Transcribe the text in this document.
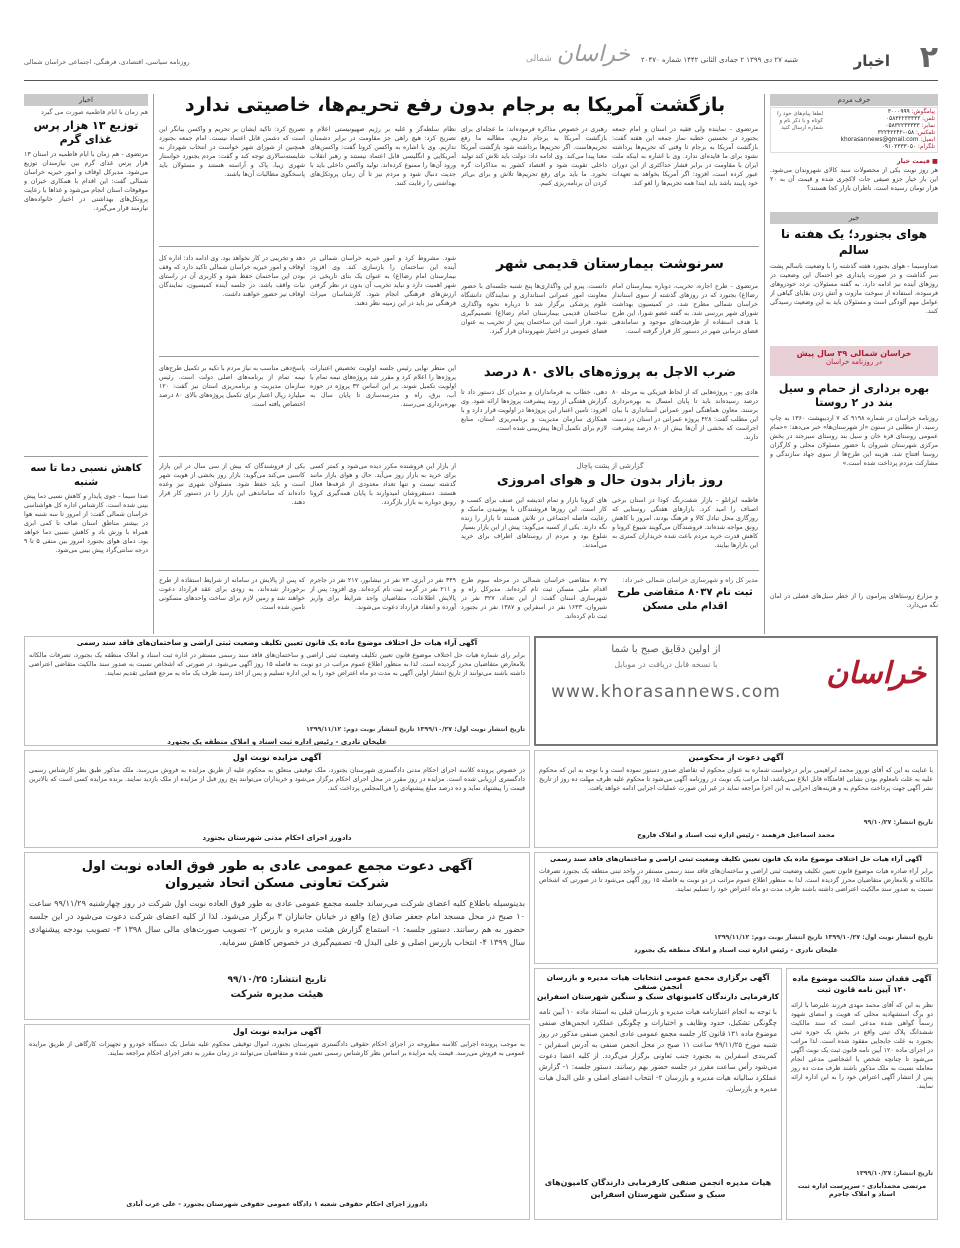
۲
اخبار
شنبه ۲۷ دی ۱۳۹۹ ۲ جمادی الثانی ۱۴۴۲ شماره ۲۰۴۷۰
خراسان شمالی
روزنامه سیاسی، اقتصادی، فرهنگی، اجتماعی خراسان شمالی
حرف مردم
پیامگوش: ۳۰۰۰۹۹۹
تلفن: ۰۵۸۳۲۲۳۳۳۳۳
نمابر: ۰۵۸۳۲۲۳۳۳۳۳
تلفکس: ۰۵۸-۳۲۲۴۲۲۴۲
ایمیل: khorasannews@gmail.com
تلگرام: ۰۹۱۰۲۳۳۳۰۵۰
لطفا پیام‌های خود را کوتاه و با ذکر نام و شماره ارسال کنید
■ قیمت خیار
هر روز نوبت یکی از محصولات سبد کالای شهروندان می‌شود. این بار خیار جزو صیفی جات لاکچری شده و قیمت آن به ۲۰ هزار تومان رسیده است. ناظران بازار کجا هستند؟
خبر
هوای بجنورد؛ یک هفته نا سالم
صداوسیما - هوای بجنورد هفته گذشته را با وضعیت ناسالم پشت سر گذاشت و در صورت پایداری جو احتمال این وضعیت در روزهای آینده نیز ادامه دارد. به گفته مسئولان، تردد خودروهای فرسوده، استفاده از سوخت مازوت و آتش زدن بقایای گیاهی از عوامل مهم آلودگی است و مسئولان باید به این وضعیت رسیدگی کنند.
خراسان شمالی ۳۹ سال پیش
در روزنامه خراسان
بهره برداری از حمام و سیل بند در ۲ روستا
روزنامه خراسان در شماره ۹۱۹۸ که ۷ اردیبهشت ۱۳۶۰ به چاپ رسید، از مطلبی در ستون «از شهرستان‌ها» خبر می‌دهد: «حمام عمومی روستای قره خان و سیل بند روستای سیرجند در بخش مرکزی شهرستان شیروان با حضور مسئولان محلی و کارگران روستا افتتاح شد. هزینه این طرح‌ها از سوی جهاد سازندگی و مشارکت مردم پرداخت شده است.»
و مزارع روستاهای پیرامون را از خطر سیل‌های فصلی در امان نگه می‌دارد.
بازگشت آمریکا به برجام بدون رفع تحریم‌ها، خاصیتی ندارد
مرتضوی - نماینده ولی فقیه در استان و امام جمعه بجنورد در نخستین خطبه نماز جمعه این هفته گفت: بازگشت آمریکا به برجام تا وقتی که تحریم‌ها برداشته نشود برای ما فایده‌ای ندارد. وی با اشاره به اینکه ملت ایران با مقاومت در برابر فشار حداکثری از این دوران عبور کرده است، افزود: اگر آمریکا بخواهد به تعهدات خود پایبند باشد باید ابتدا همه تحریم‌ها را لغو کند.
رهبری در خصوص مذاکره فرموده‌اند: ما عجله‌ای برای بازگشت آمریکا به برجام نداریم، مطالبه ما رفع تحریم‌هاست. اگر تحریم‌ها برداشته شود بازگشت آمریکا معنا پیدا می‌کند. وی ادامه داد: دولت باید تلاش کند تولید داخلی تقویت شود و اقتصاد کشور به مذاکرات گره نخورد. ما باید برای رفع تحریم‌ها تلاش و برای بی‌اثر کردن آن برنامه‌ریزی کنیم.
نظام سلطه‌گر و غلبه بر رژیم صهیونیستی اعلام و تصریح کرد: هیچ راهی جز مقاومت در برابر دشمنان نداریم. وی با اشاره به واکسن کرونا گفت: واکسن‌های آمریکایی و انگلیسی قابل اعتماد نیستند و رهبر انقلاب ورود آن‌ها را ممنوع کرده‌اند. تولید واکسن داخلی باید با جدیت دنبال شود و مردم نیز تا آن زمان پروتکل‌های بهداشتی را رعایت کنند.
تصریح کرد: تاکید ایشان بر تحریم و واکسن بیانگر این است که دشمن قابل اعتماد نیست. امام جمعه بجنورد همچنین از شورای شهر خواست در انتخاب شهردار به شایسته‌سالاری توجه کند و گفت: مردم بجنورد خواستار شهری زیبا، پاک و آراسته هستند و مسئولان باید پاسخگوی مطالبات آن‌ها باشند.
سرنوشت بیمارستان قدیمی شهر
مرتضوی - طرح اجاره، تخریب، دوباره بیمارستان امام رضا(ع) بجنورد که در روزهای گذشته از سوی استاندار خراسان شمالی مطرح شد، در کمیسیون بهداشت شورای شهر بررسی شد. به گفته عضو شورا، این طرح با هدف استفاده از ظرفیت‌های موجود و ساماندهی فضای درمانی شهر در دستور کار قرار گرفته است.
دانست. پیرو این واگذاری‌ها پنج شنبه جلسه‌ای با حضور معاونت امور عمرانی استانداری و نمایندگان دانشگاه علوم پزشکی برگزار شد تا درباره نحوه واگذاری ساختمان قدیمی بیمارستان امام رضا(ع) تصمیم‌گیری شود. قرار است این ساختمان پس از تخریب به عنوان فضای عمومی در اختیار شهروندان قرار گیرد.
شود. مشروط کرد و امور خیریه خراسان شمالی در آینده این ساختمان را بازسازی کند. وی افزود: بیمارستان امام رضا(ع) به عنوان یک بنای تاریخی در شهر اهمیت دارد و نباید تخریب آن بدون در نظر گرفتن ارزش‌های فرهنگی انجام شود. کارشناسان میراث فرهنگی نیز باید در این زمینه نظر دهند.
دهد و تخریبی در کار نخواهد بود. وی ادامه داد: اداره کل اوقاف و امور خیریه خراسان شمالی تاکید دارد که وقف بودن این ساختمان حفظ شود و کاربری آن در راستای نیات واقف باشد. در جلسه آینده کمیسیون، نمایندگان اوقاف نیز حضور خواهند داشت.
ضرب الاجل به پروژه‌های بالای ۸۰ درصد
هادی پور - پروژه‌هایی که از لحاظ فیزیکی به مرحله ۸۰ درصد رسیده‌اند باید تا پایان امسال به بهره‌برداری برسند. معاون هماهنگی امور عمرانی استانداری با بیان این مطلب گفت: ۴۲۸ پروژه عمرانی در استان در دست اجراست که بخشی از آن‌ها بیش از ۸۰ درصد پیشرفت دارند.
دهی، خطاب به فرمانداران و مدیران کل دستور داد تا گزارش هفتگی از روند پیشرفت پروژه‌ها ارائه شود. وی افزود: تامین اعتبار این پروژه‌ها در اولویت قرار دارد و با همکاری سازمان مدیریت و برنامه‌ریزی استان، منابع لازم برای تکمیل آن‌ها پیش‌بینی شده است.
این منظر نهایی رئیس جلسه اولویت تخصیص اعتبارات پروژه‌ها را اعلام کرد و مقرر شد پروژه‌های نیمه تمام با اولویت تکمیل شوند. بر این اساس ۳۲ پروژه در حوزه آب، برق، راه و مدرسه‌سازی تا پایان سال به بهره‌برداری می‌رسند.
پاسخ‌دهی مناسب به نیاز مردم با تکیه بر تکمیل طرح‌های نیمه تمام از برنامه‌های اصلی دولت است. رئیس سازمان مدیریت و برنامه‌ریزی استان نیز گفت: ۱۲۰ میلیارد ریال اعتبار برای تکمیل پروژه‌های بالای ۸۰ درصد اختصاص یافته است.
گزارشی از پشت پاچال
روز بازار بدون حال و هوای امروزی
فاطمه ایزانلو - بازار شفت‌رنگ کودا در استان برخی اصناف را امید کرد. بازارهای هفتگی روستایی که روزگاری محل تبادل کالا و فرهنگ بودند، امروز با کاهش رونق مواجه شده‌اند. فروشندگان می‌گویند شیوع کرونا و کاهش قدرت خرید مردم باعث شده خریداران کمتری به این بازارها بیایند.
های کرونا بازار و تمام اندیشه این صنف برای کسب و کار است. این روزها فروشندگان با پوشیدن ماسک و رعایت فاصله اجتماعی در تلاش هستند تا بازار را زنده نگه دارند. یکی از کسبه می‌گوید: پیش از این بازار بسیار شلوغ بود و مردم از روستاهای اطراف برای خرید می‌آمدند.
از بازار این فروشنده مکرر دیده می‌شود و کمتر کسی برای خرید به بازار روز می‌آید. حال و هوای بازار مانند گذشته نیست و تنها تعداد معدودی از غرفه‌ها فعال هستند. دستفروشان امیدوارند با پایان همه‌گیری کرونا رونق دوباره به بازار بازگردد.
یکی از فروشندگان که بیش از سی سال در این بازار کاسبی می‌کند می‌گوید: بازار روز بخشی از هویت شهر است و باید حفظ شود. مسئولان شهری نیز وعده داده‌اند که ساماندهی این بازار را در دستور کار قرار دهند.
مدیر کل راه و شهرسازی خراسان شمالی خبر داد:
ثبت نام ۸۰۳۷ متقاضی طرح اقدام ملی مسکن
۸۰۳۷ متقاضی خراسان شمالی در مرحله سوم طرح اقدام ملی مسکن ثبت نام کرده‌اند. مدیرکل راه و شهرسازی استان گفت: از این تعداد، ۳۲۷ نفر در شیروان، ۱۶۳۳ نفر در اسفراین و ۱۳۸۷ نفر در بجنورد ثبت نام کرده‌اند.
۳۴۹ نفر در آبزی، ۷۳ نفر در نیشابور، ۲۱۷ نفر در جاجرم و ۲۱۱ نفر در گرمه ثبت نام کرده‌اند. وی افزود: پس از پالایش اطلاعات، متقاضیان واجد شرایط برای واریز آورده و انعقاد قرارداد دعوت می‌شوند.
که پس از پالایش در سامانه از شرایط استفاده از طرح برخوردار شده‌اند، به زودی برای عقد قرارداد دعوت خواهند شد و زمین لازم برای ساخت واحدهای مسکونی تامین شده است.
اخبار
هم زمان با ایام فاطمیه صورت می گیرد
توزیع ۱۳ هزار پرس غذای گرم
مرتضوی - هم زمان با ایام فاطمیه در استان ۱۳ هزار پرس غذای گرم بین نیازمندان توزیع می‌شود. مدیرکل اوقاف و امور خیریه خراسان شمالی گفت: این اقدام با همکاری خیران و موقوفات استان انجام می‌شود و غذاها با رعایت پروتکل‌های بهداشتی در اختیار خانواده‌های نیازمند قرار می‌گیرد.
کاهش نسبی دما تا سه شنبه
صدا سیما - جوی پایدار و کاهش نسبی دما پیش بینی شده است. کارشناس اداره کل هواشناسی خراسان شمالی گفت: از امروز تا سه شنبه هوا در بیشتر مناطق استان صاف تا کمی ابری همراه با وزش باد و کاهش نسبی دما خواهد بود. دمای هوای بجنورد امروز بین منفی ۵ تا ۹ درجه سانتی‌گراد پیش بینی می‌شود.
خراسان
از اولین دقایق صبح با شما
با نسخه قابل دریافت در موبایل
www.khorasannews.com
آگهی آراء هیات حل اختلاف موضوع ماده یک قانون تعیین تکلیف وضعیت ثبتی اراضی و ساختمان‌های فاقد سند رسمی
برابر رای شماره هیات حل اختلاف موضوع قانون تعیین تکلیف وضعیت ثبتی اراضی و ساختمان‌های فاقد سند رسمی مستقر در اداره ثبت اسناد و املاک منطقه یک بجنورد، تصرفات مالکانه بلامعارض متقاضیان محرز گردیده است. لذا به منظور اطلاع عموم مراتب در دو نوبت به فاصله ۱۵ روز آگهی می‌شود. در صورتی که اشخاص نسبت به صدور سند مالکیت متقاضی اعتراضی داشته باشند می‌توانند از تاریخ انتشار اولین آگهی به مدت دو ماه اعتراض خود را به این اداره تسلیم و پس از اخذ رسید ظرف یک ماه به مرجع قضایی تقدیم نمایند.
تاریخ انتشار نوبت اول: ۱۳۹۹/۱۰/۲۷ تاریخ انتشار نوبت دوم: ۱۳۹۹/۱۱/۱۲
علیخان نادری - رئیس اداره ثبت اسناد و املاک منطقه یک بجنورد
آگهی مزایده نوبت اول
در خصوص پرونده کلاسه اجرای احکام مدنی دادگستری شهرستان بجنورد، ملک توقیفی متعلق به محکوم علیه از طریق مزایده به فروش می‌رسد. ملک مذکور طبق نظر کارشناس رسمی دادگستری ارزیابی شده است. مزایده در روز مقرر در محل اجرای احکام برگزار می‌شود و خریداران می‌توانند پنج روز قبل از مزایده از ملک بازدید نمایند. برنده مزایده کسی است که بالاترین قیمت را پیشنهاد نماید و ده درصد مبلغ پیشنهادی را فی‌المجلس پرداخت کند.
دادورز اجرای احکام مدنی شهرستان بجنورد
آگهی دعوت مجمع عمومی عادی به طور فوق العاده نوبت اول
شرکت تعاونی مسکن اتحاد شیروان
بدینوسیله باطلاع کلیه اعضای شرکت می‌رساند جلسه مجمع عمومی عادی به طور فوق العاده نوبت اول شرکت در روز چهارشنبه ۹۹/۱۱/۲۹ ساعت ۱۰ صبح در محل مسجد امام جعفر صادق (ع) واقع در خیابان جانبازان ۳ برگزار می‌شود. لذا از کلیه اعضای شرکت دعوت می‌شود در این جلسه حضور به هم رسانند. دستور جلسه: ۱- استماع گزارش هیئت مدیره و بازرس ۲- تصویب صورت‌های مالی سال ۱۳۹۸ ۳- تصویب بودجه پیشنهادی سال ۱۳۹۹ ۴- انتخاب بازرس اصلی و علی البدل ۵- تصمیم‌گیری در خصوص کاهش سرمایه.
تاریخ انتشار: ۹۹/۱۰/۲۵
هیئت مدیره شرکت
آگهی مزایده نوبت اول
به موجب پرونده اجرایی کلاسه مطروحه در اجرای احکام حقوقی دادگستری شهرستان بجنورد، اموال توقیفی محکوم علیه شامل یک دستگاه خودرو و تجهیزات کارگاهی از طریق مزایده عمومی به فروش می‌رسد. قیمت پایه مزایده بر اساس نظر کارشناس رسمی تعیین شده و متقاضیان می‌توانند در زمان مقرر به دفتر اجرای احکام مراجعه نمایند.
دادورز اجرای احکام حقوقی شعبه ۱ دادگاه عمومی حقوقی شهرستان بجنورد - علی عرب آبادی
آگهی دعوت از محکومین
با عنایت به این که آقای نوروز محمد ابراهیمی برابر درخواست شماره به عنوان محکوم له تقاضای صدور دستور نموده است و با توجه به این که محکوم علیه به علت نامعلوم بودن نشانی اقامتگاه قابل ابلاغ نمی‌باشد، لذا مراتب یک نوبت در روزنامه آگهی می‌شود تا محکوم علیه ظرف مهلت ده روز از تاریخ نشر آگهی جهت پرداخت محکوم به و هزینه‌های اجرایی به این اجرا مراجعه نماید در غیر این صورت عملیات اجرایی ادامه خواهد یافت.
تاریخ انتشار: ۹۹/۱۰/۲۷
محمد اسماعیل فرهمند - رئیس اداره ثبت اسناد و املاک فاروج
آگهی آراء هیات حل اختلاف موضوع ماده یک قانون تعیین تکلیف وضعیت ثبتی اراضی و ساختمان‌های فاقد سند رسمی
برابر آراء صادره هیات موضوع قانون تعیین تکلیف وضعیت ثبتی اراضی و ساختمان‌های فاقد سند رسمی مستقر در واحد ثبتی منطقه یک بجنورد تصرفات مالکانه و بلامعارض متقاضیان محرز گردیده است. لذا به منظور اطلاع عموم مراتب در دو نوبت به فاصله ۱۵ روز آگهی می‌شود تا در صورتی که اشخاص نسبت به صدور سند مالکیت اعتراضی داشته باشند ظرف مدت دو ماه اعتراض خود را تسلیم نمایند.
تاریخ انتشار نوبت اول: ۱۳۹۹/۱۰/۲۷ تاریخ انتشار نوبت دوم: ۱۳۹۹/۱۱/۱۲
علیخان نادری - رئیس اداره ثبت اسناد و املاک منطقه یک بجنورد
آگهی برگزاری مجمع عمومی انتخابات هیات مدیره و بازرسان انجمن صنفی
کارفرمایی دارندگان کامیونهای سبک و سنگین شهرستان اسفراین
با توجه به انجام اعتبارنامه هیات مدیره و بازرسان قبلی به استناد ماده ۱۰ آیین نامه چگونگی تشکیل، حدود وظایف و اختیارات و چگونگی عملکرد انجمن‌های صنفی موضوع ماده ۱۳۱ قانون کار جلسه مجمع عمومی عادی انجمن صنفی مذکور در روز شنبه مورخ ۹۹/۱۱/۲۵ ساعت ۱۱ صبح در محل انجمن صنفی به آدرس اسفراین - کمربندی اسفراین به بجنورد جنب تعاونی برگزار می‌گردد. از کلیه اعضا دعوت می‌شود رأس ساعت مقرر در جلسه حضور بهم رسانند. دستور جلسه: ۱- گزارش عملکرد سالیانه هیات مدیره و بازرسان ۲- انتخاب اعضای اصلی و علی البدل هیات مدیره و بازرسان.
هیات مدیره انجمن صنفی کارفرمایی دارندگان کامیون‌های سبک و سنگین شهرستان اسفراین
آگهی فقدان سند مالکیت موضوع ماده ۱۲۰ آیین نامه قانون ثبت
نظر به این که آقای محمد مهدی فرزند علیرضا با ارائه دو برگ استشهادیه محلی که هویت و امضای شهود رسماً گواهی شده مدعی است که سند مالکیت ششدانگ پلاک ثبتی واقع در بخش یک حوزه ثبتی بجنورد به علت جابجایی مفقود شده است. لذا مراتب در اجرای ماده ۱۲۰ آیین نامه قانون ثبت یک نوبت آگهی می‌شود تا چنانچه شخص یا اشخاصی مدعی انجام معامله نسبت به ملک مذکور باشند ظرف مدت ده روز پس از انتشار آگهی اعتراض خود را به این اداره ارائه نمایند.
تاریخ انتشار: ۱۳۹۹/۱۰/۲۷
مرتضی محمدآبادی - سرپرست اداره ثبت اسناد و املاک جاجرم
